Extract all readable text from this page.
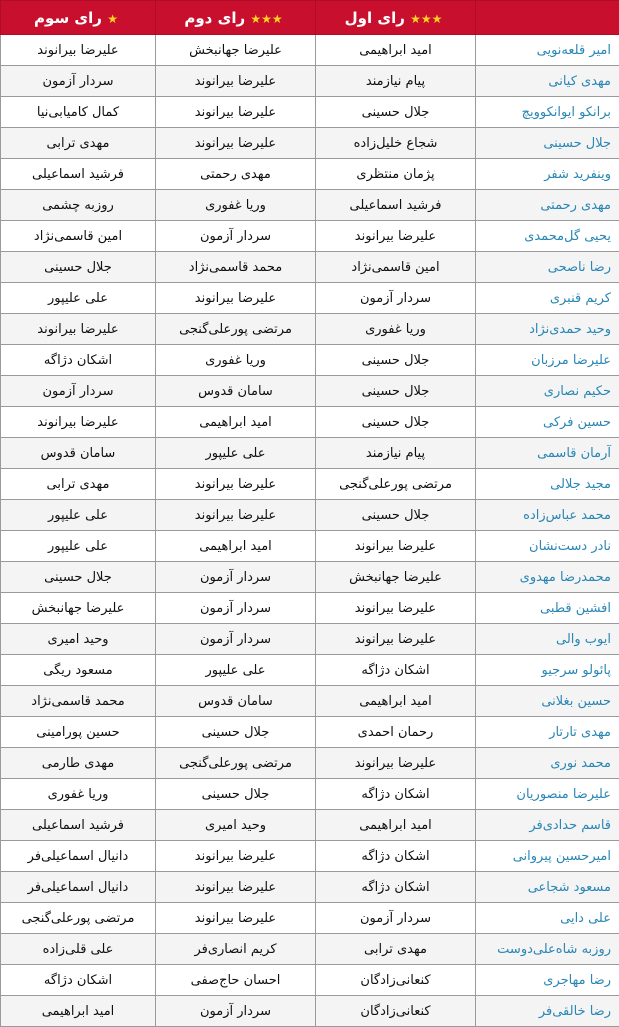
	★★★ رای اول	★★★ رای دوم	★ رای سوم
امیر قلعه‌نویی	امید ابراهیمی	علیرضا جهانبخش	علیرضا بیرانوند
مهدی کیانی	پیام نیازمند	علیرضا بیرانوند	سردار آزمون
برانکو ایوانکوویچ	جلال حسینی	علیرضا بیرانوند	کمال کامیابی‌نیا
جلال حسینی	شجاع خلیل‌زاده	علیرضا بیرانوند	مهدی ترابی
وینفرید شفر	پژمان منتظری	مهدی رحمتی	فرشید اسماعیلی
مهدی رحمتی	فرشید اسماعیلی	وریا غفوری	روزبه چشمی
یحیی گل‌محمدی	علیرضا بیرانوند	سردار آزمون	امین قاسمی‌نژاد
رضا ناصحی	امین قاسمی‌نژاد	محمد قاسمی‌نژاد	جلال حسینی
کریم قنبری	سردار آزمون	علیرضا بیرانوند	علی علیپور
وحید حمدی‌نژاد	وریا غفوری	مرتضی پورعلی‌گنجی	علیرضا بیرانوند
علیرضا مرزبان	جلال حسینی	وریا غفوری	اشکان دژاگه
حکیم نصاری	جلال حسینی	سامان قدوس	سردار آزمون
حسین فرکی	جلال حسینی	امید ابراهیمی	علیرضا بیرانوند
آرمان قاسمی	پیام نیازمند	علی علیپور	سامان قدوس
مجید جلالی	مرتضی پورعلی‌گنجی	علیرضا بیرانوند	مهدی ترابی
محمد عباس‌زاده	جلال حسینی	علیرضا بیرانوند	علی علیپور
نادر دست‌نشان	علیرضا بیرانوند	امید ابراهیمی	علی علیپور
محمدرضا مهدوی	علیرضا جهانبخش	سردار آزمون	جلال حسینی
افشین قطبی	علیرضا بیرانوند	سردار آزمون	علیرضا جهانبخش
ایوب والی	علیرضا بیرانوند	سردار آزمون	وحید امیری
پائولو سرجیو	اشکان دژاگه	علی علیپور	مسعود ریگی
حسین بغلانی	امید ابراهیمی	سامان قدوس	محمد قاسمی‌نژاد
مهدی تارتار	رحمان احمدی	جلال حسینی	حسین پورامینی
محمد نوری	علیرضا بیرانوند	مرتضی پورعلی‌گنجی	مهدی طارمی
علیرضا منصوریان	اشکان دژاگه	جلال حسینی	وریا غفوری
قاسم حدادی‌فر	امید ابراهیمی	وحید امیری	فرشید اسماعیلی
امیرحسین پیروانی	اشکان دژاگه	علیرضا بیرانوند	دانیال اسماعیلی‌فر
مسعود شجاعی	اشکان دژاگه	علیرضا بیرانوند	دانیال اسماعیلی‌فر
علی دایی	سردار آزمون	علیرضا بیرانوند	مرتضی پورعلی‌گنجی
روزبه شاه‌علی‌دوست	مهدی ترابی	کریم انصاری‌فر	علی قلی‌زاده
رضا مهاجری	کنعانی‌زادگان	احسان حاج‌صفی	اشکان دژاگه
رضا خالقی‌فر	کنعانی‌زادگان	سردار آزمون	امید ابراهیمی
